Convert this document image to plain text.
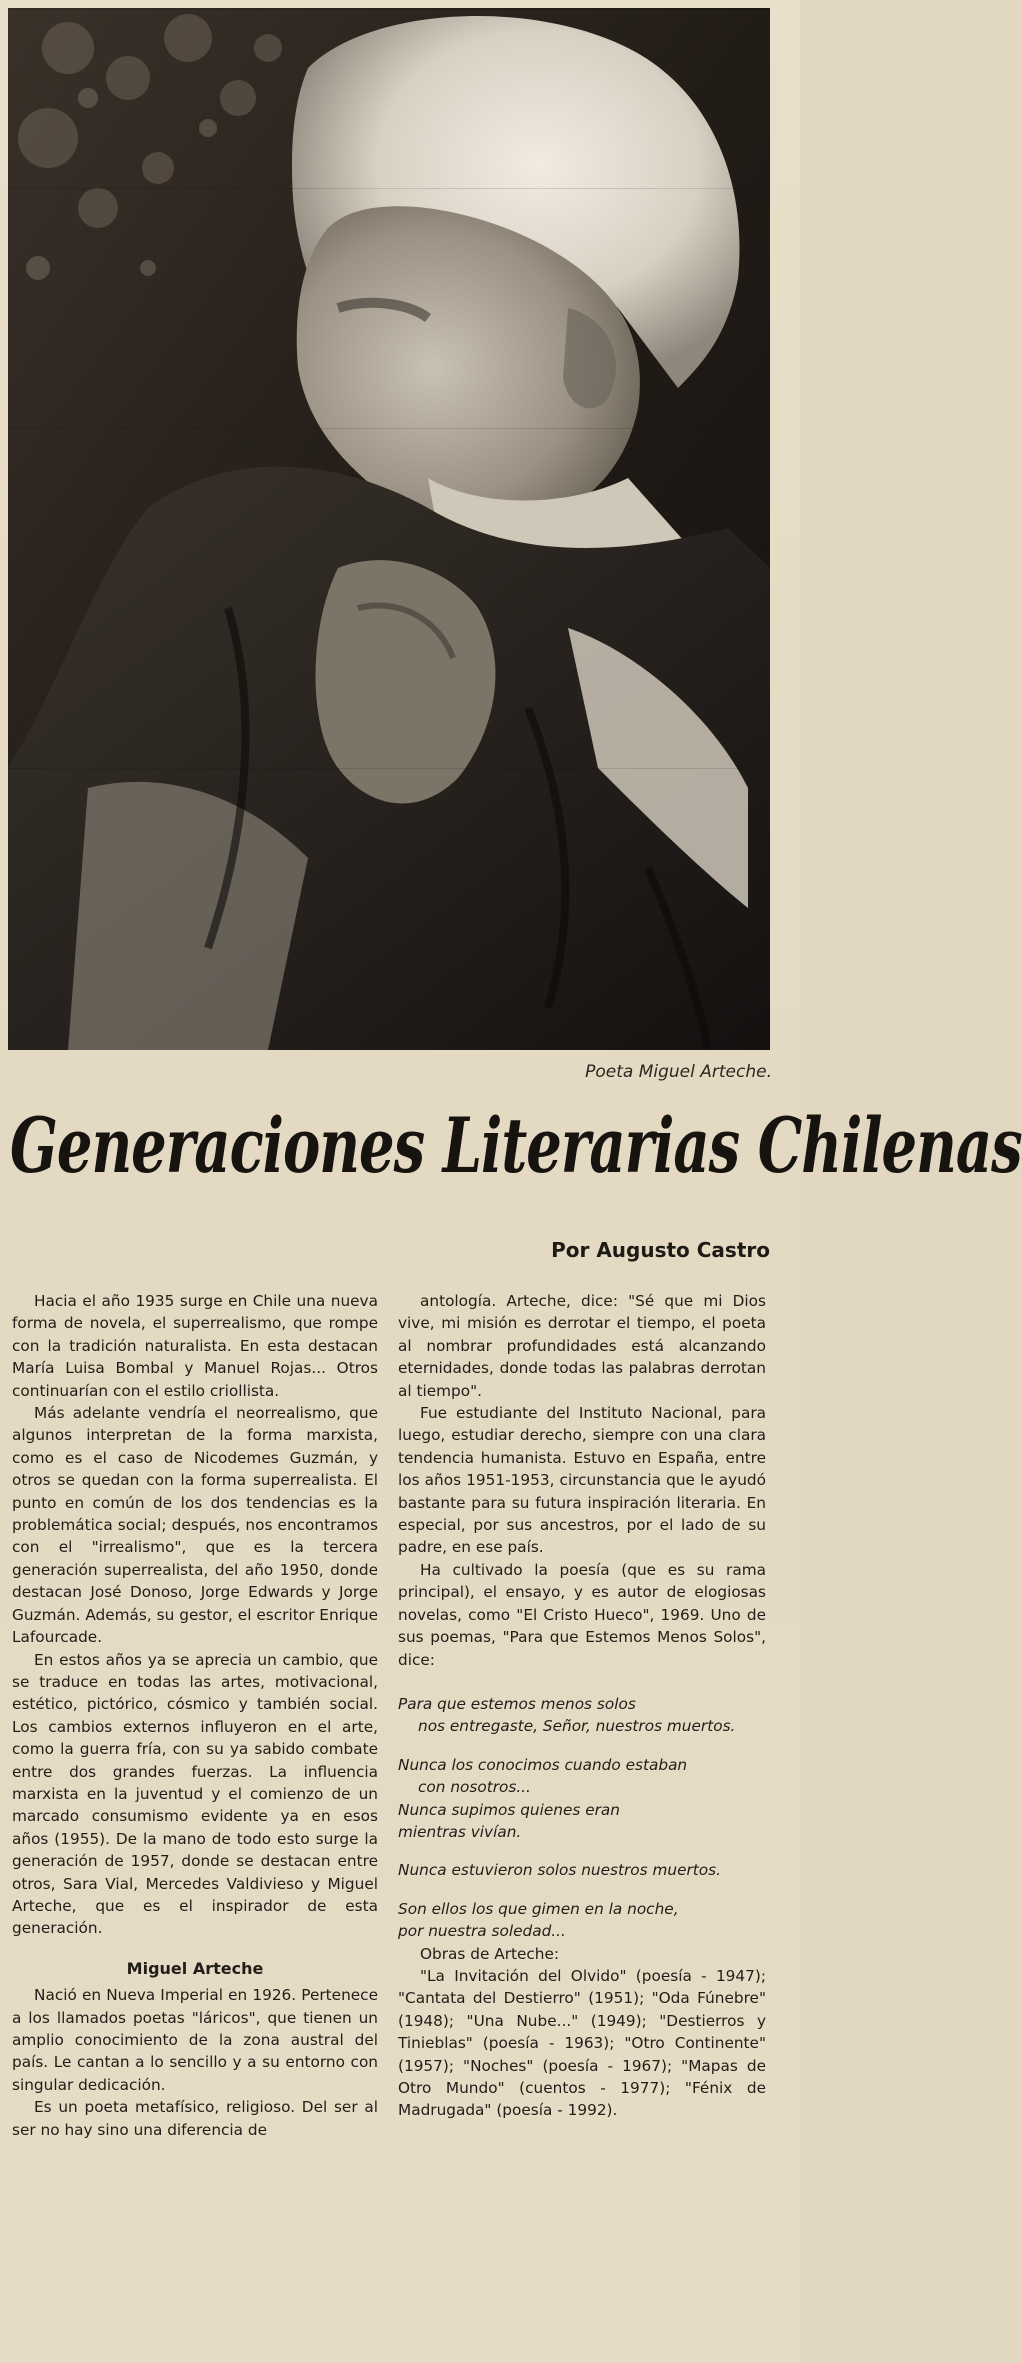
Poeta Miguel Arteche.
Generaciones Literarias Chilenas
Por Augusto Castro

Hacia el año 1935 surge en Chile una nueva forma de novela, el superrealismo, que rompe con la tradición naturalista. En esta destacan María Luisa Bombal y Manuel Rojas... Otros continuarían con el estilo criollista.

Más adelante vendría el neorrealismo, que algunos interpretan de la forma marxista, como es el caso de Nicodemes Guzmán, y otros se quedan con la forma superrealista. El punto en común de los dos tendencias es la problemática social; después, nos encontramos con el "irrealismo", que es la tercera generación superrealista, del año 1950, donde destacan José Donoso, Jorge Edwards y Jorge Guzmán. Además, su gestor, el escritor Enrique Lafourcade.

En estos años ya se aprecia un cambio, que se traduce en todas las artes, motivacional, estético, pictórico, cósmico y también social. Los cambios externos influyeron en el arte, como la guerra fría, con su ya sabido combate entre dos grandes fuerzas. La influencia marxista en la juventud y el comienzo de un marcado consumismo evidente ya en esos años (1955). De la mano de todo esto surge la generación de 1957, donde se destacan entre otros, Sara Vial, Mercedes Valdivieso y Miguel Arteche, que es el inspirador de esta generación.

Miguel Arteche

Nació en Nueva Imperial en 1926. Pertenece a los llamados poetas "láricos", que tienen un amplio conocimiento de la zona austral del país. Le cantan a lo sencillo y a su entorno con singular dedicación.

Es un poeta metafísico, religioso. Del ser al ser no hay sino una diferencia de

antología. Arteche, dice: "Sé que mi Dios vive, mi misión es derrotar el tiempo, el poeta al nombrar profundidades está alcanzando eternidades, donde todas las palabras derrotan al tiempo".

Fue estudiante del Instituto Nacional, para luego, estudiar derecho, siempre con una clara tendencia humanista. Estuvo en España, entre los años 1951-1953, circunstancia que le ayudó bastante para su futura inspiración literaria. En especial, por sus ancestros, por el lado de su padre, en ese país.

Ha cultivado la poesía (que es su rama principal), el ensayo, y es autor de elogiosas novelas, como "El Cristo Hueco", 1969. Uno de sus poemas, "Para que Estemos Menos Solos", dice:

Para que estemos menos solos
nos entregaste, Señor, nuestros muertos.
Nunca los conocimos cuando estaban
con nosotros...
Nunca supimos quienes eran
mientras vivían.
Nunca estuvieron solos nuestros muertos.
Son ellos los que gimen en la noche,
por nuestra soledad...

Obras de Arteche:

"La Invitación del Olvido" (poesía - 1947); "Cantata del Destierro" (1951); "Oda Fúnebre" (1948); "Una Nube..." (1949); "Destierros y Tinieblas" (poesía - 1963); "Otro Continente" (1957); "Noches" (poesía - 1967); "Mapas de Otro Mundo" (cuentos - 1977); "Fénix de Madrugada" (poesía - 1992).
